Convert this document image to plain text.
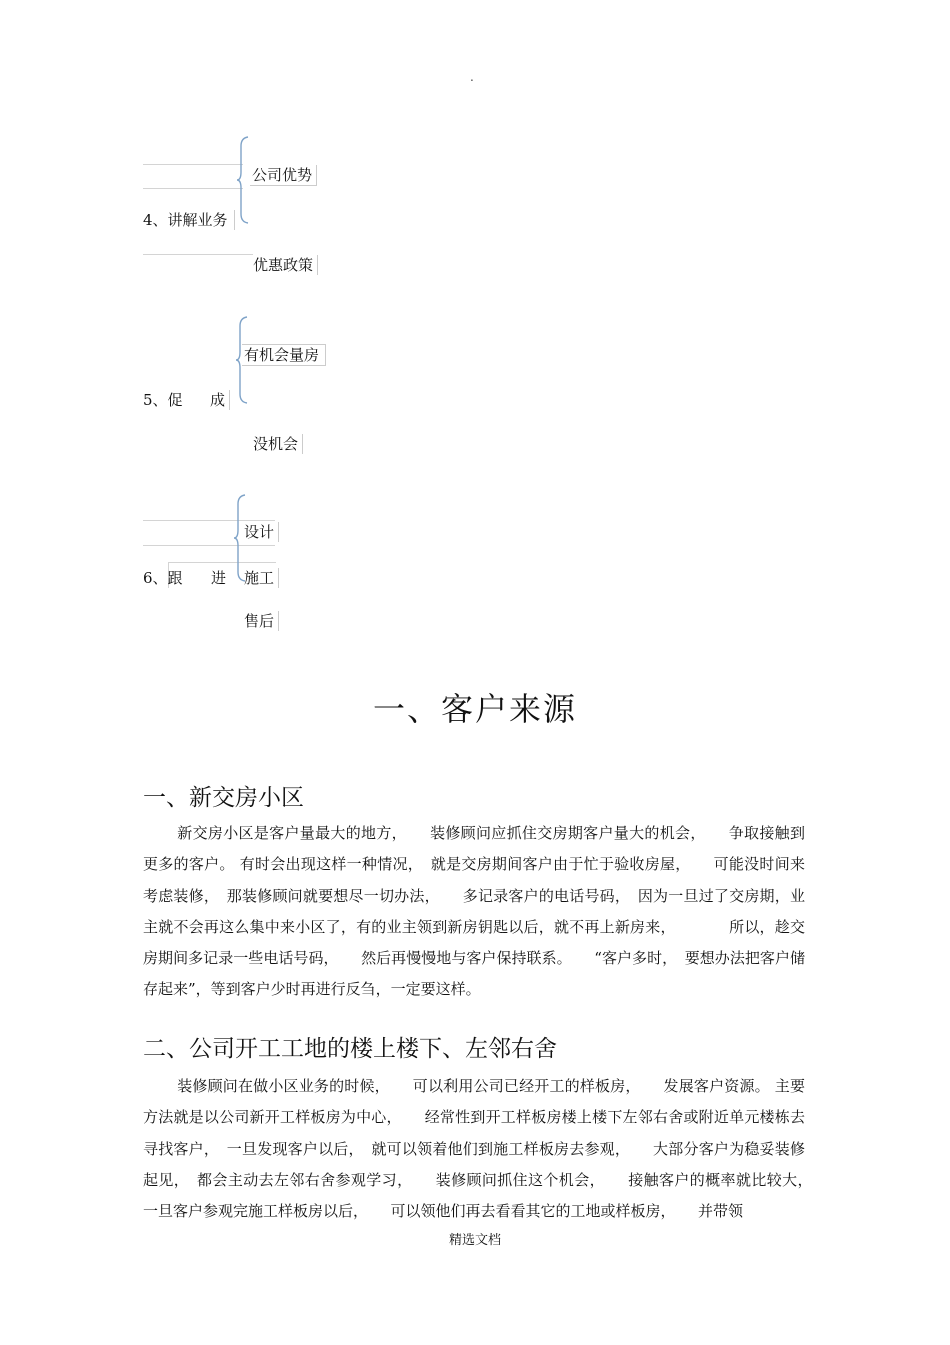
.
公司优势
4、讲解业务
优惠政策
有机会量房
5、促 成
没机会
设计
6、跟 进 施工
售后
一、客户来源
一、新交房小区

新交房小区是客户量最大的地方，　　装修顾问应抓住交房期客户量大的机会，　　争取接触到更多的客户。 有时会出现这样一种情况，　就是交房期间客户由于忙于验收房屋，　　可能没时间来考虑装修，　那装修顾问就要想尽一切办法，　　多记录客户的电话号码，　因为一旦过了交房期，业主就不会再这么集中来小区了，有的业主领到新房钥匙以后，就不再上新房来，　　　　所以，趁交房期间多记录一些电话号码，　　然后再慢慢地与客户保持联系。　　“客户多时，　要想办法把客户储存起来”，等到客户少时再进行反刍，一定要这样。

二、公司开工工地的楼上楼下、左邻右舍

装修顾问在做小区业务的时候，　　可以利用公司已经开工的样板房，　　发展客户资源。 主要方法就是以公司新开工样板房为中心，　　经常性到开工样板房楼上楼下左邻右舍或附近单元楼栋去寻找客户，　一旦发现客户以后，　就可以领着他们到施工样板房去参观，　　大部分客户为稳妥装修起见，　都会主动去左邻右舍参观学习，　　装修顾问抓住这个机会，　　接触客户的概率就比较大，　一旦客户参观完施工样板房以后，　　可以领他们再去看看其它的工地或样板房，　　并带领

精选文档
